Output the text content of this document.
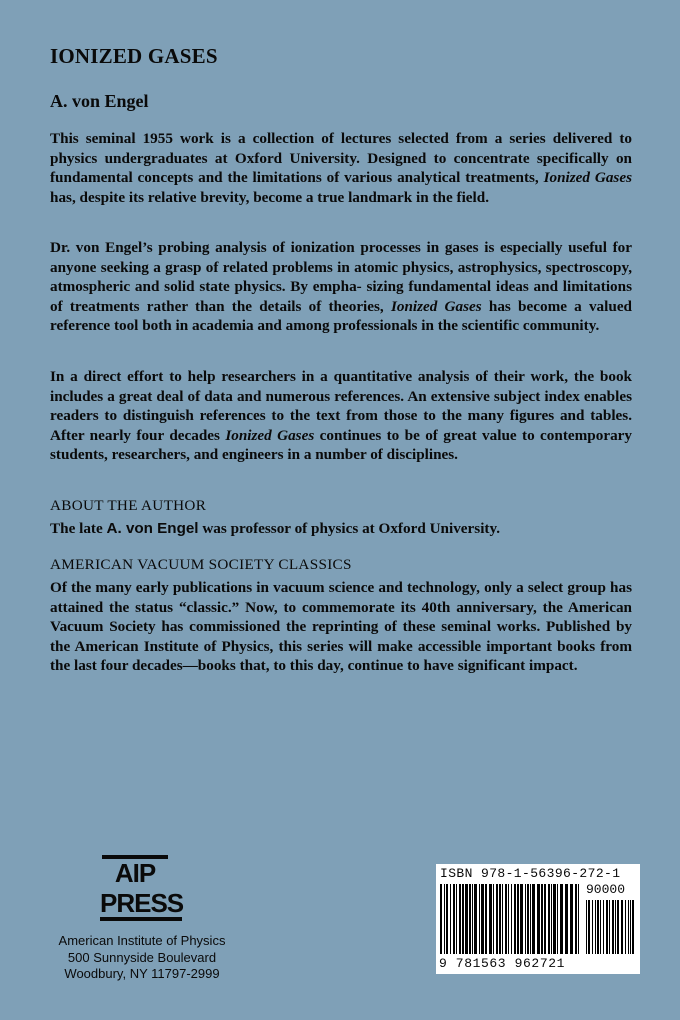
IONIZED GASES
A. von Engel
This seminal 1955 work is a collection of lectures selected from a series delivered to physics undergraduates at Oxford University. Designed to concentrate specifically on fundamental concepts and the limitations of various analytical treatments, Ionized Gases has, despite its relative brevity, become a true landmark in the field.
Dr. von Engel’s probing analysis of ionization processes in gases is especially useful for anyone seeking a grasp of related problems in atomic physics, astrophysics, spectroscopy, atmospheric and solid state physics. By empha- sizing fundamental ideas and limitations of treatments rather than the details of theories, Ionized Gases has become a valued reference tool both in academia and among professionals in the scientific community.
In a direct effort to help researchers in a quantitative analysis of their work, the book includes a great deal of data and numerous references. An extensive subject index enables readers to distinguish references to the text from those to the many figures and tables. After nearly four decades Ionized Gases continues to be of great value to contemporary students, researchers, and engineers in a number of disciplines.
ABOUT THE AUTHOR
The late A. von Engel was professor of physics at Oxford University.
AMERICAN VACUUM SOCIETY CLASSICS
Of the many early publications in vacuum science and technology, only a select group has attained the status “classic.” Now, to commemorate its 40th anniversary, the American Vacuum Society has commissioned the reprinting of these seminal works. Published by the American Institute of Physics, this series will make accessible important books from the last four decades—books that, to this day, continue to have significant impact.
AIP
PRESS
American Institute of Physics
500 Sunnyside Boulevard
Woodbury, NY 11797-2999
ISBN 978-1-56396-272-1
90000
9 781563 962721
